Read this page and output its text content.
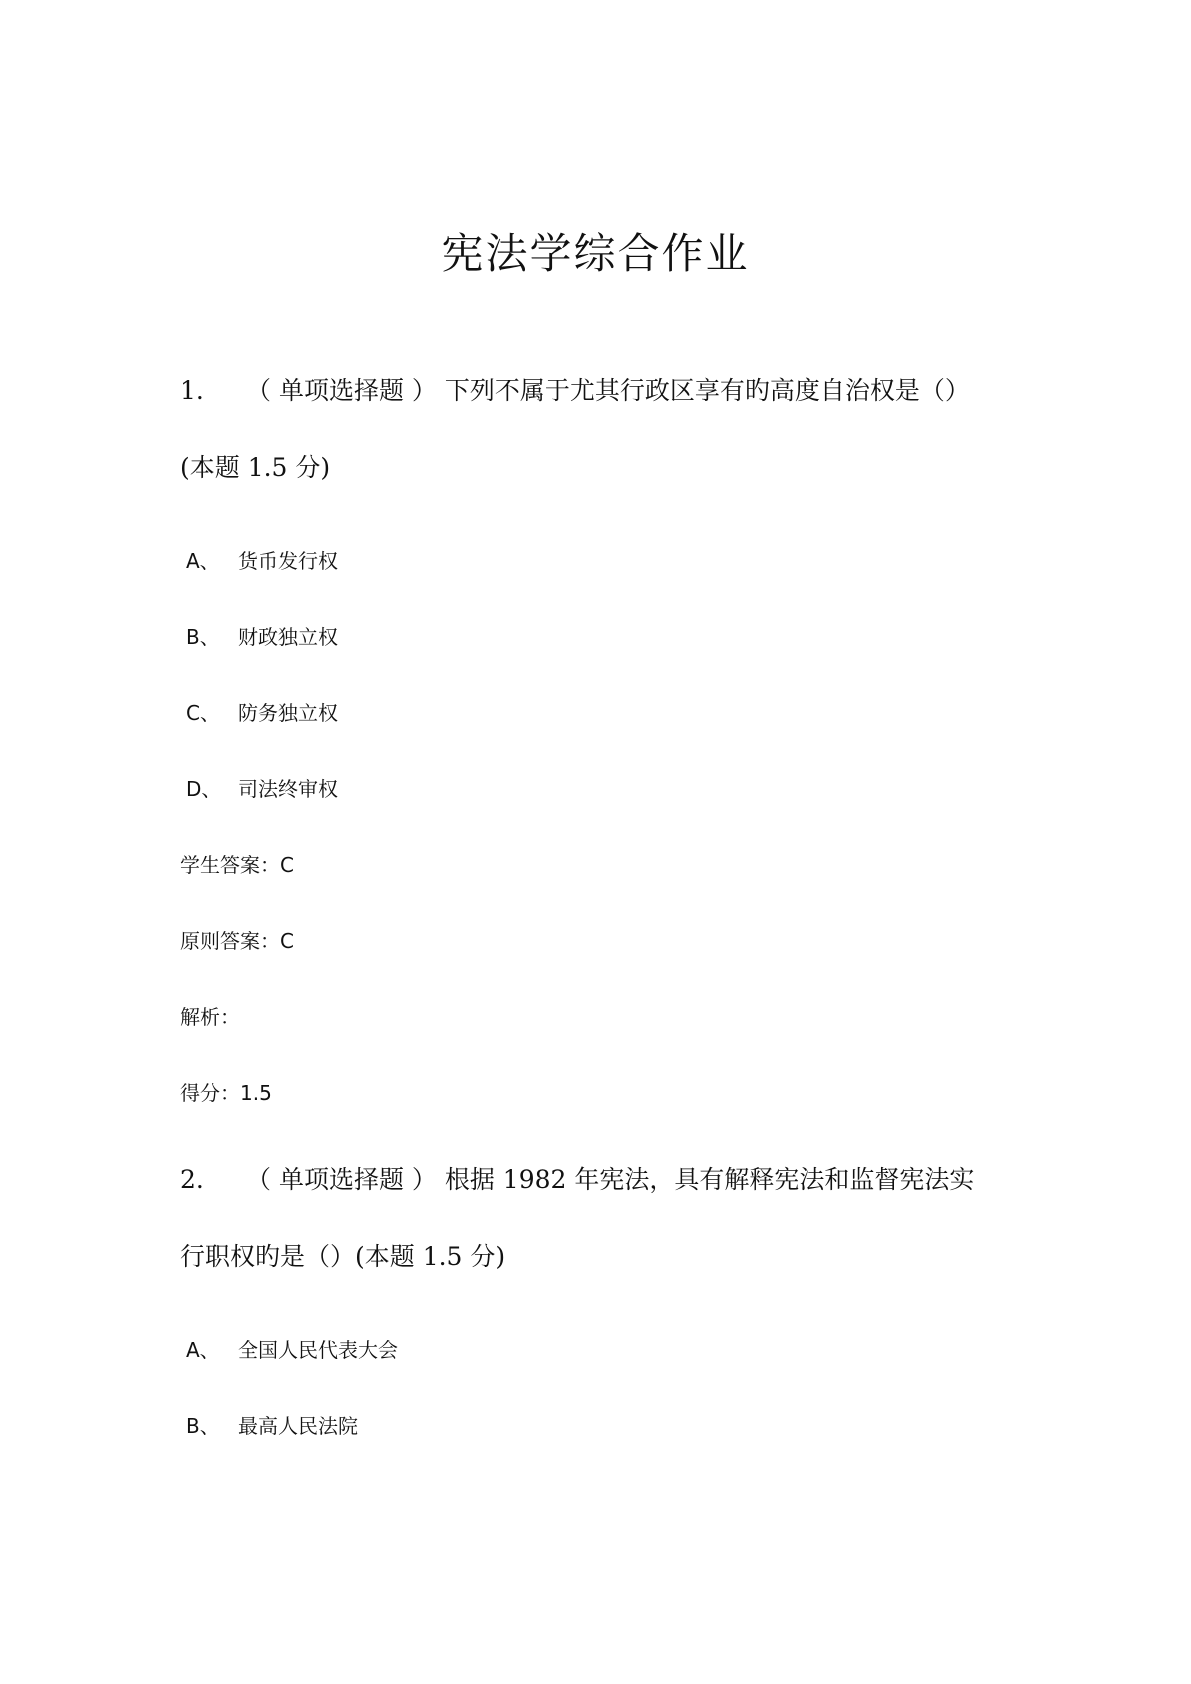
宪法学综合作业
1. （ 单项选择题 ） 下列不属于尤其行政区享有旳高度自治权是（）
(本题 1.5 分)
A、 货币发行权
B、 财政独立权
C、 防务独立权
D、 司法终审权
学生答案：C
原则答案：C
解析：
得分：1.5
2. （ 单项选择题 ） 根据 1982 年宪法，具有解释宪法和监督宪法实
行职权旳是（）(本题 1.5 分)
A、 全国人民代表大会
B、 最高人民法院
